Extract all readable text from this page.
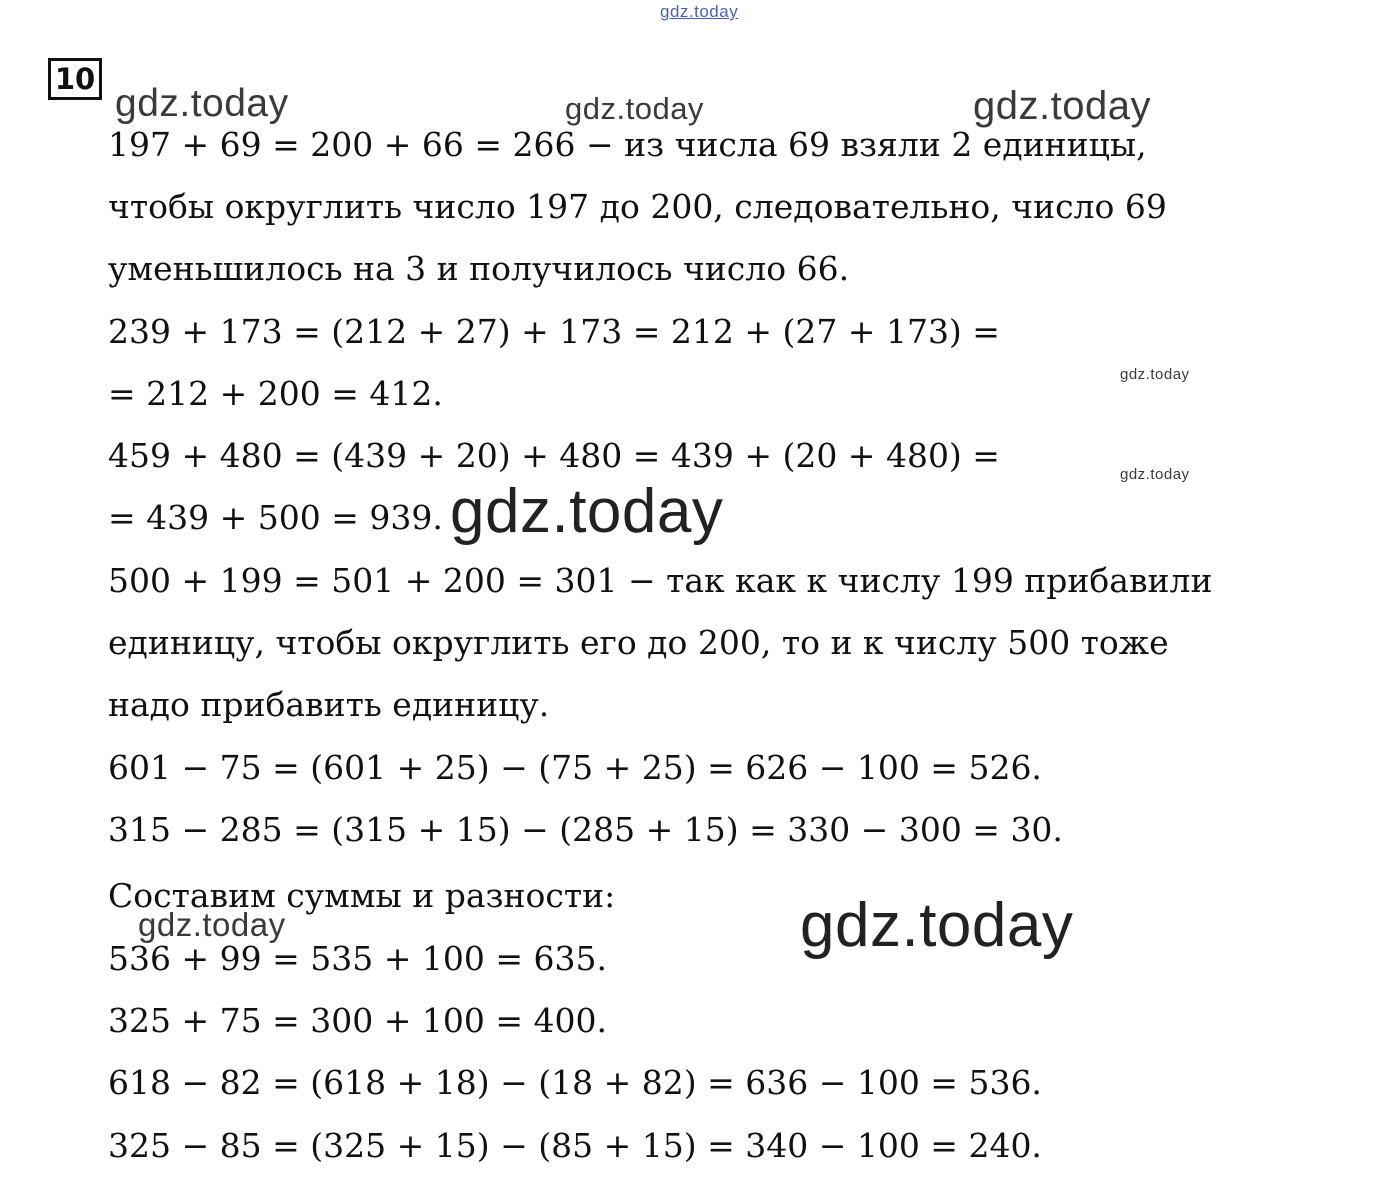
gdz.today
gdz.today	gdz.today	gdz.today
gdz.today
gdz.today
gdz.today
gdz.today	gdz.today
10
197 + 69 = 200 + 66 = 266 − из числа 69 взяли 2 единицы,
чтобы округлить число 197 до 200, следовательно, число 69
уменьшилось на 3 и получилось число 66.
239 + 173 = (212 + 27) + 173 = 212 + (27 + 173) =
= 212 + 200 = 412.
459 + 480 = (439 + 20) + 480 = 439 + (20 + 480) =
= 439 + 500 = 939.
500 + 199 = 501 + 200 = 301 − так как к числу 199 прибавили
единицу, чтобы округлить его до 200, то и к числу 500 тоже
надо прибавить единицу.
601 − 75 = (601 + 25) − (75 + 25) = 626 − 100 = 526.
315 − 285 = (315 + 15) − (285 + 15) = 330 − 300 = 30.
Составим суммы и разности:
536 + 99 = 535 + 100 = 635.
325 + 75 = 300 + 100 = 400.
618 − 82 = (618 + 18) − (18 + 82) = 636 − 100 = 536.
325 − 85 = (325 + 15) − (85 + 15) = 340 − 100 = 240.
